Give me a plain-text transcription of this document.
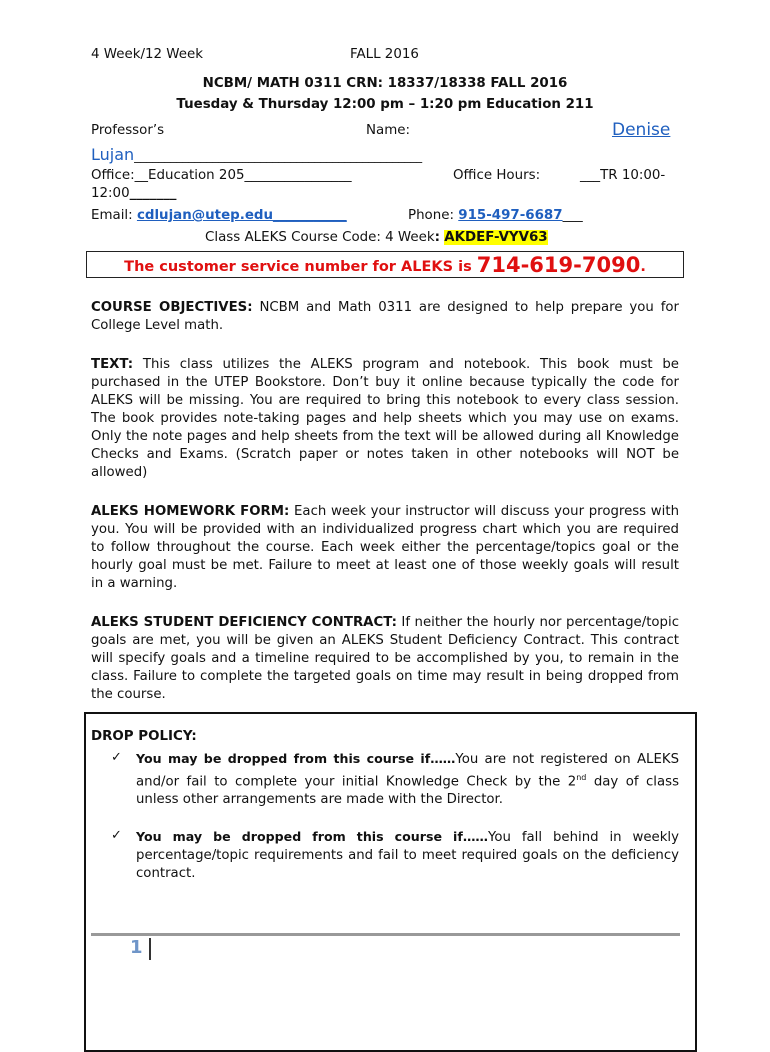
4 Week/12 Week	FALL 2016
NCBM/ MATH 0311 CRN: 18337/18338 FALL 2016
Tuesday & Thursday 12:00 pm – 1:20 pm Education 211
Professor’s	Name:	Denise
Lujan________________________________________________
Office:__Education 205________________	Office Hours:	___TR 10:00-
12:00_______
Email: cdlujan@utep.edu___________	Phone: 915-497-6687___
Class ALEKS Course Code: 4 Week: AKDEF-VYV63
The customer service number for ALEKS is 714-619-7090.
COURSE OBJECTIVES: NCBM and Math 0311 are designed to help prepare you for College Level math.
TEXT: This class utilizes the ALEKS program and notebook. This book must be purchased in the UTEP Bookstore. Don’t buy it online because typically the code for ALEKS will be missing. You are required to bring this notebook to every class session. The book provides note-taking pages and help sheets which you may use on exams. Only the note pages and help sheets from the text will be allowed during all Knowledge Checks and Exams. (Scratch paper or notes taken in other notebooks will NOT be allowed)
ALEKS HOMEWORK FORM: Each week your instructor will discuss your progress with you. You will be provided with an individualized progress chart which you are required to follow throughout the course. Each week either the percentage/topics goal or the hourly goal must be met. Failure to meet at least one of those weekly goals will result in a warning.
ALEKS STUDENT DEFICIENCY CONTRACT: If neither the hourly nor percentage/topic goals are met, you will be given an ALEKS Student Deficiency Contract. This contract will specify goals and a timeline required to be accomplished by you, to remain in the class. Failure to complete the targeted goals on time may result in being dropped from the course.
DROP POLICY:
✓ You may be dropped from this course if……You are not registered on ALEKS and/or fail to complete your initial Knowledge Check by the 2nd day of class unless other arrangements are made with the Director.
✓ You may be dropped from this course if……You fall behind in weekly percentage/topic requirements and fail to meet required goals on the deficiency contract.
1
